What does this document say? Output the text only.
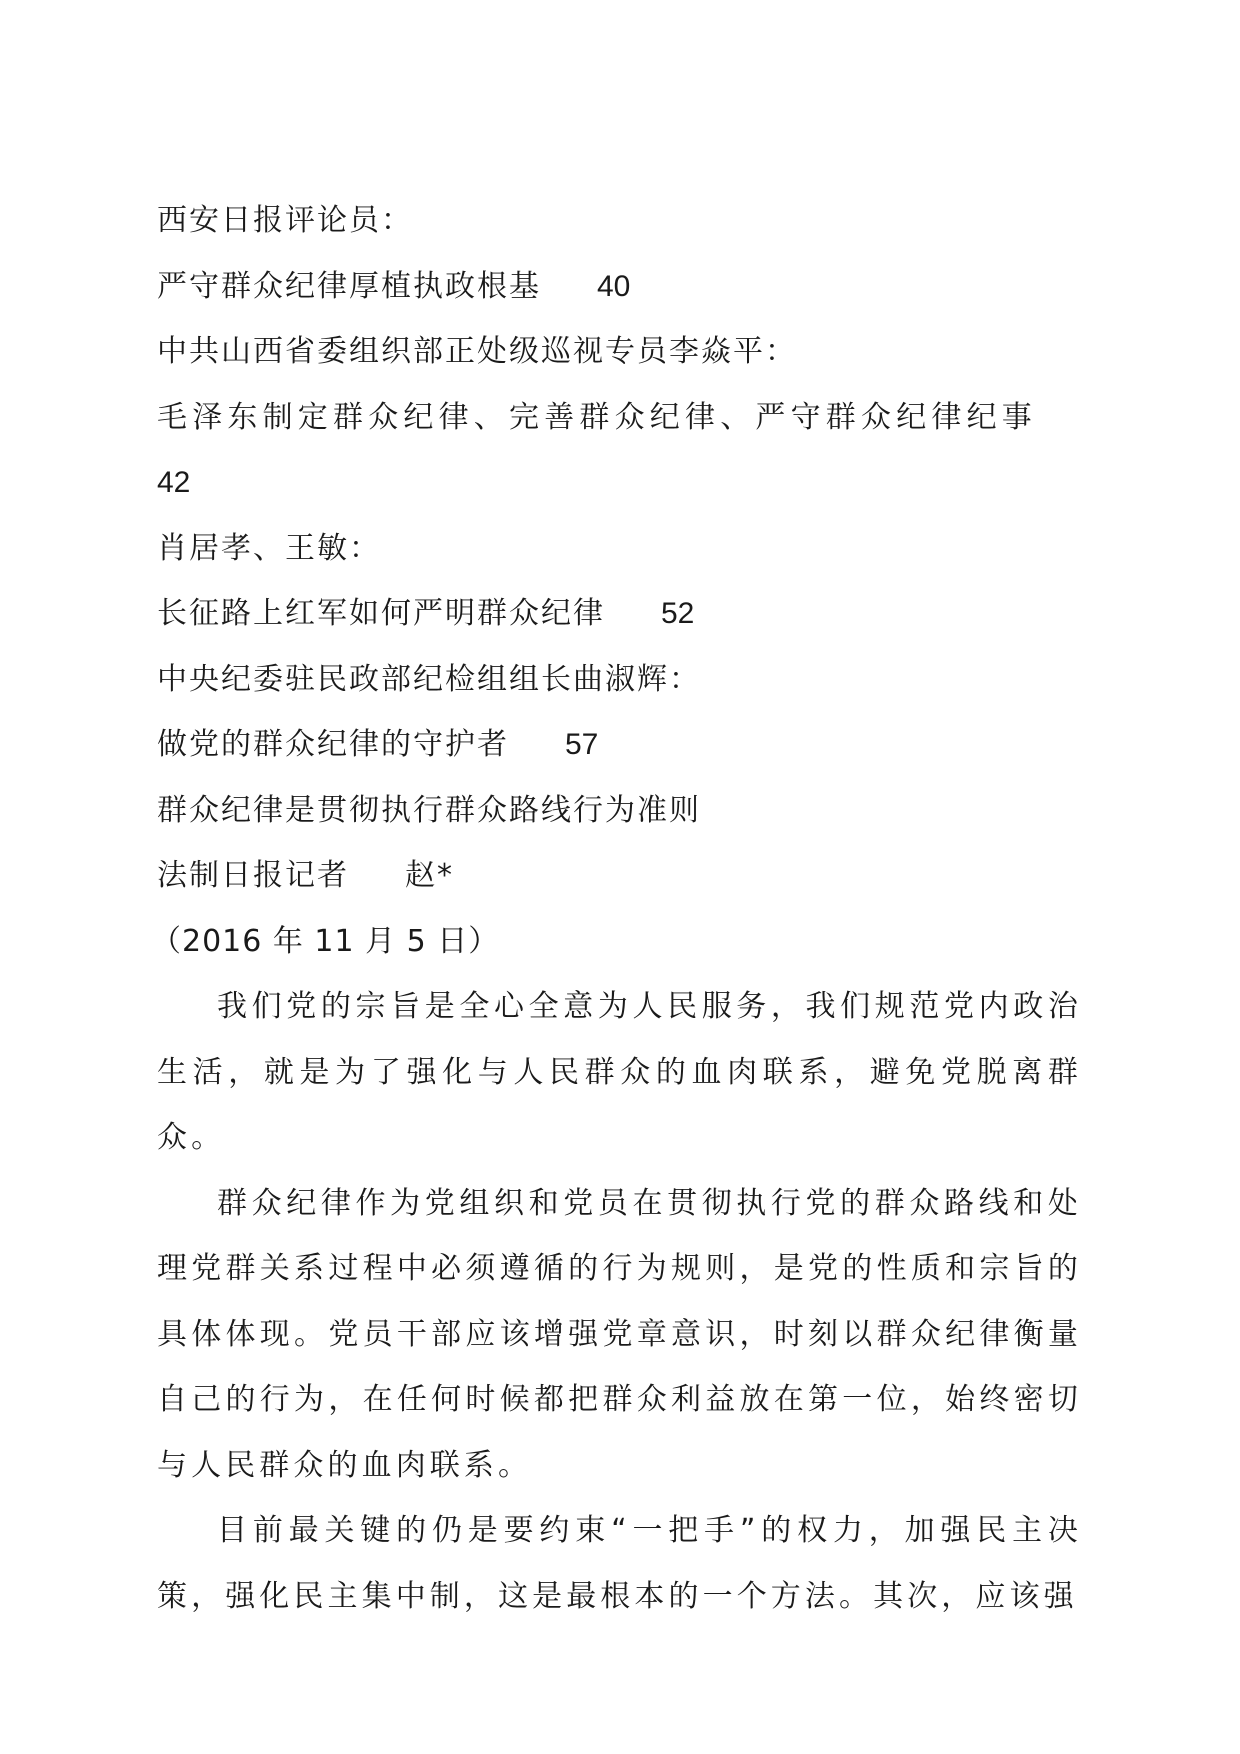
西安日报评论员：
严守群众纪律厚植执政根基 40
中共山西省委组织部正处级巡视专员李焱平：
毛泽东制定群众纪律、完善群众纪律、严守群众纪律纪事
42
肖居孝、王敏：
长征路上红军如何严明群众纪律 52
中央纪委驻民政部纪检组组长曲淑辉：
做党的群众纪律的守护者 57
群众纪律是贯彻执行群众路线行为准则
法制日报记者 赵*
（2016 年 11 月 5 日）

我们党的宗旨是全心全意为人民服务，我们规范党内政治生活，就是为了强化与人民群众的血肉联系，避免党脱离群众。

群众纪律作为党组织和党员在贯彻执行党的群众路线和处理党群关系过程中必须遵循的行为规则，是党的性质和宗旨的具体体现。党员干部应该增强党章意识，时刻以群众纪律衡量自己的行为，在任何时候都把群众利益放在第一位，始终密切与人民群众的血肉联系。

目前最关键的仍是要约束“一把手”的权力，加强民主决策，强化民主集中制，这是最根本的一个方法。其次，应该强
